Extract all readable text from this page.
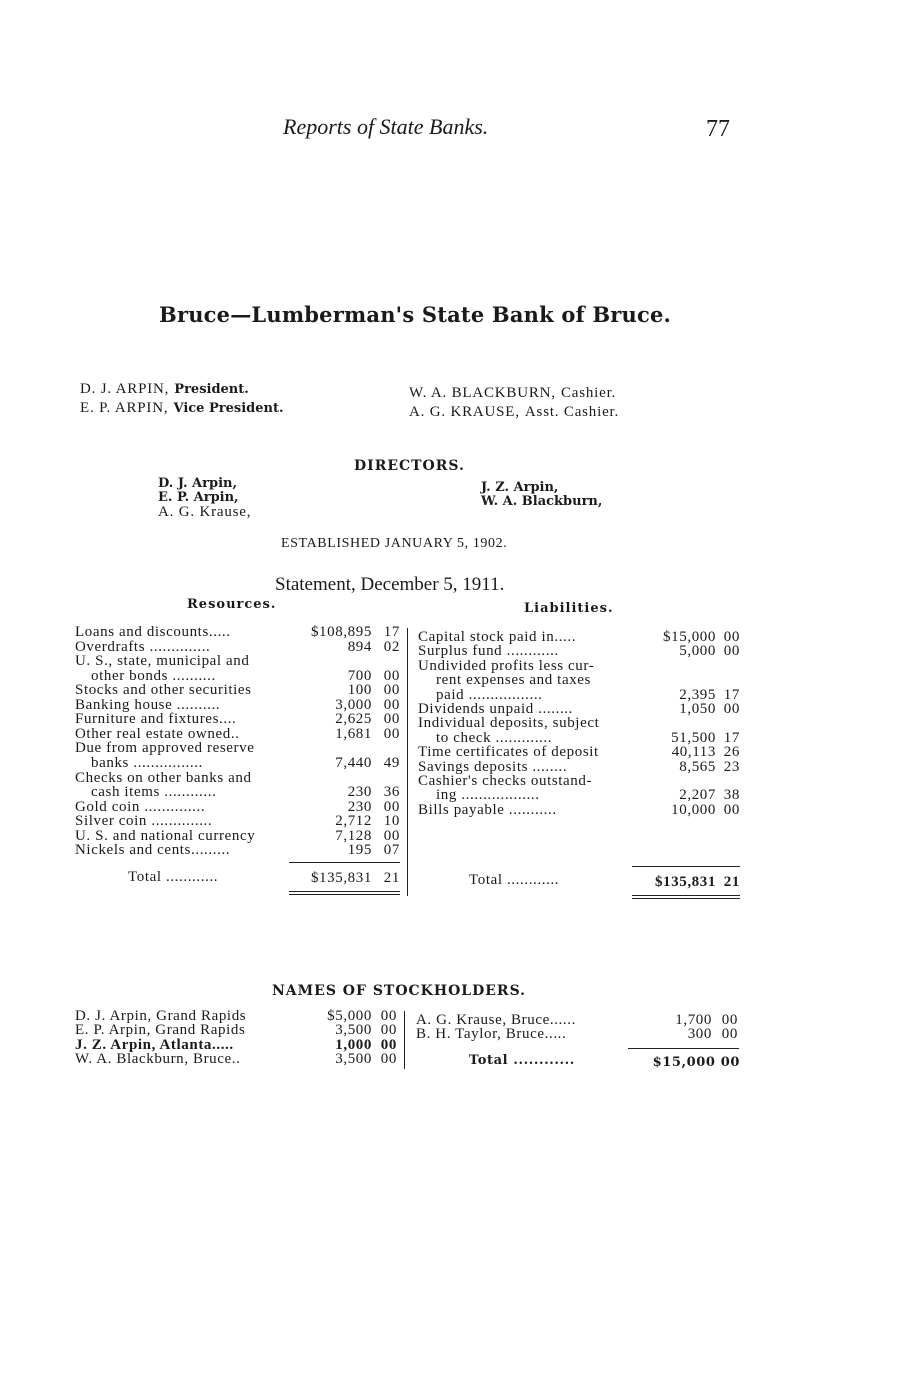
Reports of State Banks.	77
Bruce—Lumberman's State Bank of Bruce.
D. J. ARPIN, President.
E. P. ARPIN, Vice President.
W. A. BLACKBURN, Cashier.
A. G. KRAUSE, Asst. Cashier.
DIRECTORS.
D. J. Arpin,
E. P. Arpin,
A. G. Krause,
J. Z. Arpin,
W. A. Blackburn,
ESTABLISHED JANUARY 5, 1902.
Statement, December 5, 1911.
Resources.	Liabilities.
Loans and discounts.....	$108,895 17
Overdrafts ..............	894 02
U. S., state, municipal and
other bonds ..........	700 00
Stocks and other securities	100 00
Banking house ..........	3,000 00
Furniture and fixtures....	2,625 00
Other real estate owned..	1,681 00
Due from approved reserve
banks ................	7,440 49
Checks on other banks and
cash items ............	230 36
Gold coin ..............	230 00
Silver coin ..............	2,712 10
U. S. and national currency	7,128 00
Nickels and cents.........	195 07
Capital stock paid in.....	$15,000 00
Surplus fund ............	5,000 00
Undivided profits less cur-
rent expenses and taxes
paid .................	2,395 17
Dividends unpaid ........	1,050 00
Individual deposits, subject
to check .............	51,500 17
Time certificates of deposit	40,113 26
Savings deposits ........	8,565 23
Cashier's checks outstand-
ing ..................	2,207 38
Bills payable ...........	10,000 00
Total ............	$135,831 21	Total ............	$135,831 21
NAMES OF STOCKHOLDERS.
D. J. Arpin, Grand Rapids	$5,000 00
E. P. Arpin, Grand Rapids	3,500 00
J. Z. Arpin, Atlanta.....	1,000 00
W. A. Blackburn, Bruce..	3,500 00
A. G. Krause, Bruce......	1,700 00
B. H. Taylor, Bruce.....	300 00
Total ............	$15,000 00
